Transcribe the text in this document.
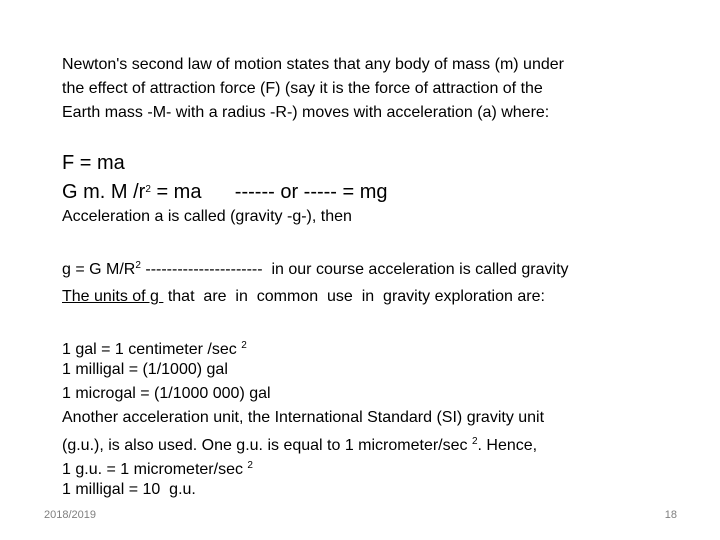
Newton's second law of motion states that any body of mass (m) under
the effect of attraction force (F) (say it is the force of attraction of the
Earth mass -M- with a radius -R-) moves with acceleration (a) where:
F = ma
G m. M $/r^2$ = ma      ------ or ----- = mg
Acceleration a is called (gravity -g-), then
g = G $M/R^2$ ----------------------  in our course acceleration is called gravity
The units of g  that  are  in  common  use  in  gravity exploration are:
1 gal = 1 centimeter /sec $^2$
1 milligal = (1/1000) gal
1 microgal = (1/1000 000) gal
Another acceleration unit, the International Standard (SI) gravity unit
(g.u.), is also used. One g.u. is equal to 1 micrometer/sec $^2$. Hence,
1 g.u. = 1 micrometer/sec $^2$
1 milligal = 10  g.u.
2018/2019	18
